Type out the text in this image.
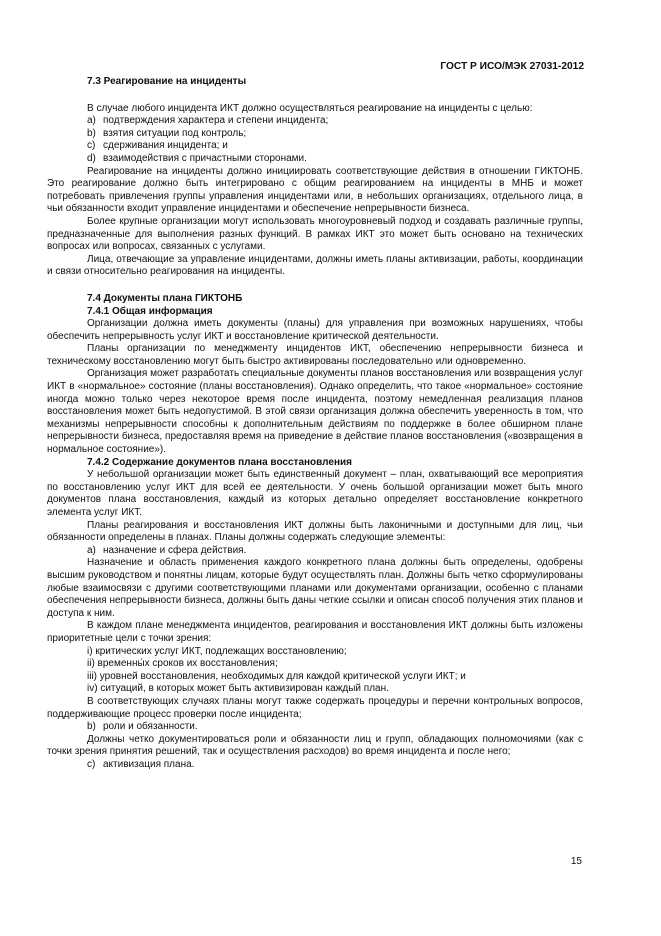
ГОСТ Р ИСО/МЭК 27031-2012

7.3 Реагирование на инциденты

В случае любого инцидента ИКТ должно осуществляться реагирование на инциденты с целью:

a) подтверждения характера и степени инцидента;

b) взятия ситуации под контроль;

c) сдерживания инцидента; и

d) взаимодействия с причастными сторонами.

Реагирование на инциденты должно инициировать соответствующие действия в отношении ГИКТОНБ. Это реагирование должно быть интегрировано с общим реагированием на инциденты в МНБ и может потребовать привлечения группы управления инцидентами или, в небольших организациях, отдельного лица, в чьи обязанности входит управление инцидентами и обеспечение непрерывности бизнеса.

Более крупные организации могут использовать многоуровневый подход и создавать различные группы, предназначенные для выполнения разных функций. В рамках ИКТ это может быть основано на технических вопросах или вопросах, связанных с услугами.

Лица, отвечающие за управление инцидентами, должны иметь планы активизации, работы, координации и связи относительно реагирования на инциденты.

7.4 Документы плана ГИКТОНБ

7.4.1 Общая информация

Организации должна иметь документы (планы) для управления при возможных нарушениях, чтобы обеспечить непрерывность услуг ИКТ и восстановление критической деятельности.

Планы организации по менеджменту инцидентов ИКТ, обеспечению непрерывности бизнеса и техническому восстановлению могут быть быстро активированы последовательно или одновременно.

Организация может разработать специальные документы планов восстановления или возвращения услуг ИКТ в «нормальное» состояние (планы восстановления). Однако определить, что такое «нормальное» состояние иногда можно только через некоторое время после инцидента, поэтому немедленная реализация планов восстановления может быть недопустимой. В этой связи организация должна обеспечить уверенность в том, что механизмы непрерывности способны к дополнительным действиям по поддержке в более обширном плане непрерывности бизнеса, предоставляя время на приведение в действие планов восстановления («возвращения в нормальное состояние»).

7.4.2 Содержание документов плана восстановления

У небольшой организации может быть единственный документ – план, охватывающий все мероприятия по восстановлению услуг ИКТ для всей ее деятельности. У очень большой организации может быть много документов плана восстановления, каждый из которых детально определяет восстановление конкретного элемента услуг ИКТ.

Планы реагирования и восстановления ИКТ должны быть лаконичными и доступными для лиц, чьи обязанности определены в планах. Планы должны содержать следующие элементы:

a) назначение и сфера действия.

Назначение и область применения каждого конкретного плана должны быть определены, одобрены высшим руководством и понятны лицам, которые будут осуществлять план. Должны быть четко сформулированы любые взаимосвязи с другими соответствующими планами или документами организации, особенно с планами обеспечения непрерывности бизнеса, должны быть даны четкие ссылки и описан способ получения этих планов и доступа к ним.

В каждом плане менеджмента инцидентов, реагирования и восстановления ИКТ должны быть изложены приоритетные цели с точки зрения:

i) критических услуг ИКТ, подлежащих восстановлению;

ii) временны́х сроков их восстановления;

iii) уровней восстановления, необходимых для каждой критической услуги ИКТ; и

iv) ситуаций, в которых может быть активизирован каждый план.

В соответствующих случаях планы могут также содержать процедуры и перечни контрольных вопросов, поддерживающие процесс проверки после инцидента;

b) роли и обязанности.

Должны четко документироваться роли и обязанности лиц и групп, обладающих полномочиями (как с точки зрения принятия решений, так и осуществления расходов) во время инцидента и после него;

c) активизация плана.

15
